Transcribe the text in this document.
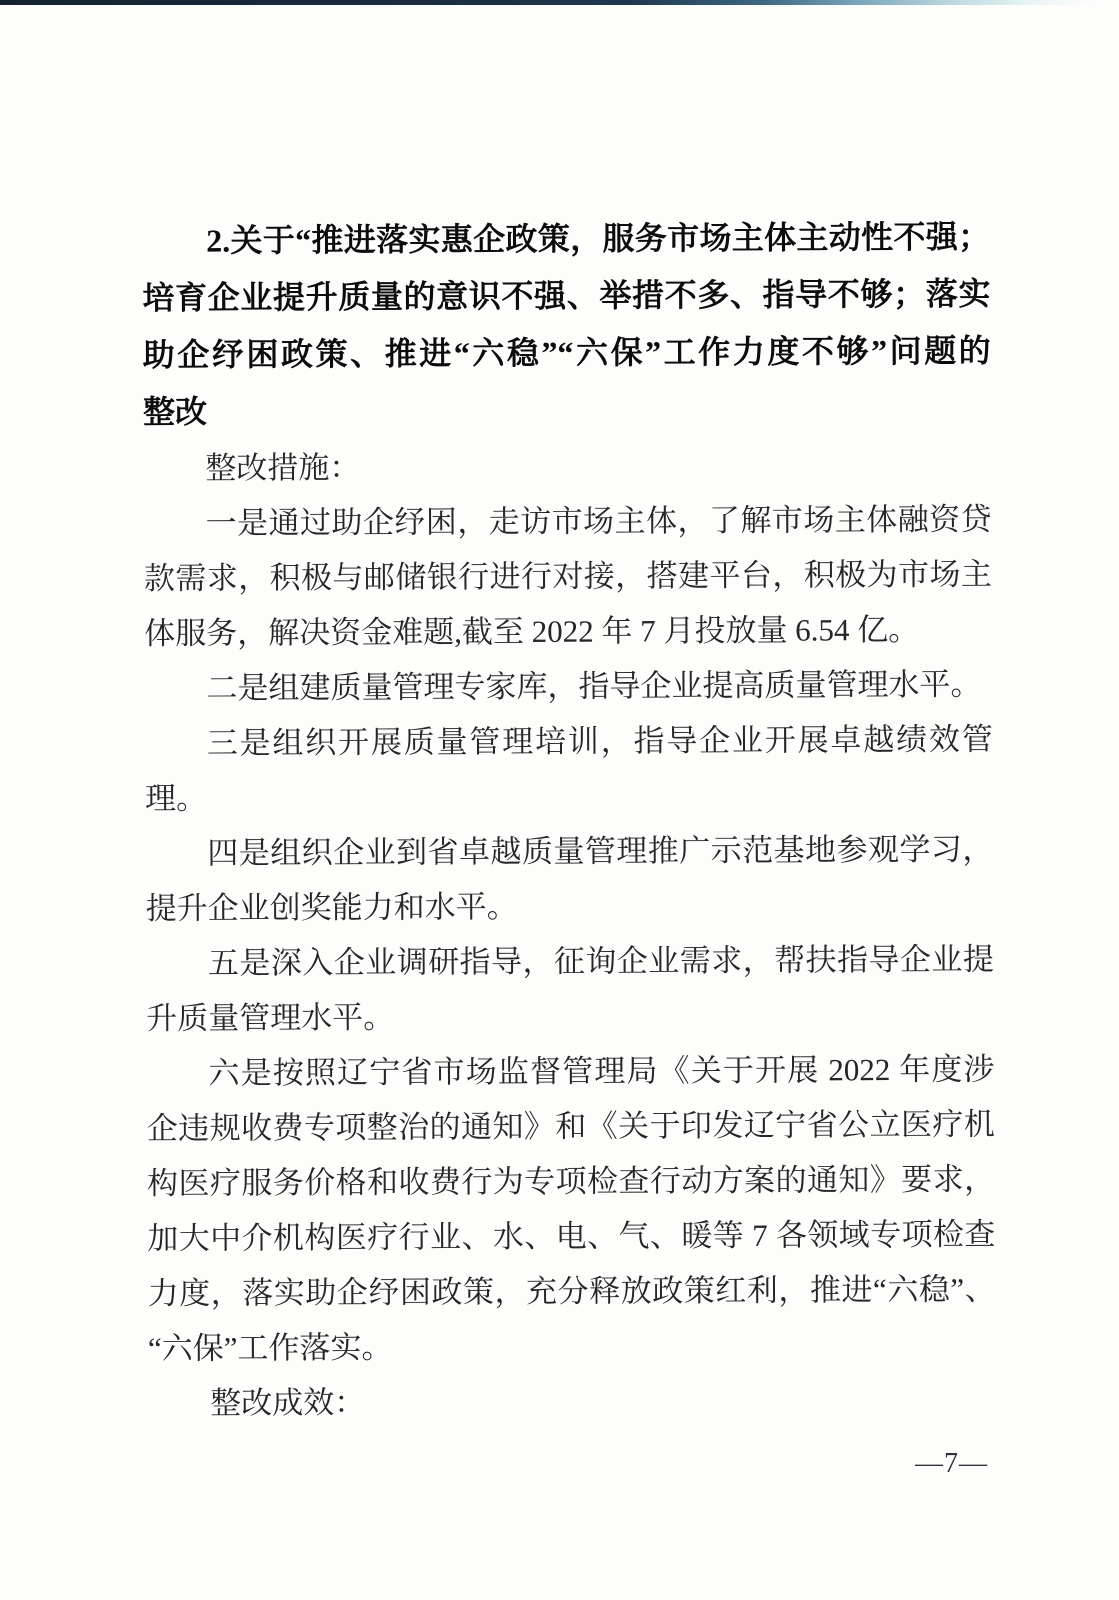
2.关于“推进落实惠企政策，服务市场主体主动性不强；
培育企业提升质量的意识不强、举措不多、指导不够；落实
助企纾困政策、推进“六稳”“六保”工作力度不够”问题的
整改
整改措施：
一是通过助企纾困，走访市场主体，了解市场主体融资贷
款需求，积极与邮储银行进行对接，搭建平台，积极为市场主
体服务，解决资金难题,截至 2022 年 7 月投放量 6.54 亿。
二是组建质量管理专家库，指导企业提高质量管理水平。
三是组织开展质量管理培训，指导企业开展卓越绩效管
理。
四是组织企业到省卓越质量管理推广示范基地参观学习，
提升企业创奖能力和水平。
五是深入企业调研指导，征询企业需求，帮扶指导企业提
升质量管理水平。
六是按照辽宁省市场监督管理局《关于开展 2022 年度涉
企违规收费专项整治的通知》和《关于印发辽宁省公立医疗机
构医疗服务价格和收费行为专项检查行动方案的通知》要求，
加大中介机构医疗行业、水、电、气、暖等 7 各领域专项检查
力度，落实助企纾困政策，充分释放政策红利，推进“六稳”、
“六保”工作落实。
整改成效：
—7—
